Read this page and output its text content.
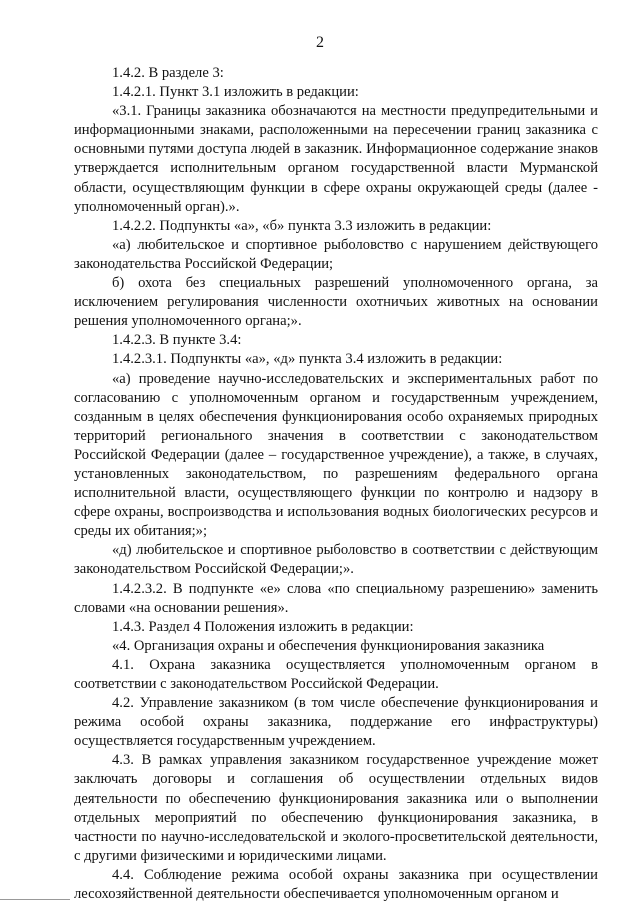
2

1.4.2. В разделе 3:

1.4.2.1. Пункт 3.1 изложить в редакции:

«3.1. Границы заказника обозначаются на местности предупредительными и информационными знаками, расположенными на пересечении границ заказника с основными путями доступа людей в заказник. Информационное содержание знаков утверждается исполнительным органом государственной власти Мурманской области, осуществляющим функции в сфере охраны окружающей среды (далее - уполномоченный орган).».

1.4.2.2. Подпункты «а», «б» пункта 3.3 изложить в редакции:

«а) любительское и спортивное рыболовство с нарушением действующего законодательства Российской Федерации;

б) охота без специальных разрешений уполномоченного органа, за исключением регулирования численности охотничьих животных на основании решения уполномоченного органа;».

1.4.2.3. В пункте 3.4:

1.4.2.3.1. Подпункты «а», «д» пункта 3.4 изложить в редакции:

«а) проведение научно-исследовательских и экспериментальных работ по согласованию с уполномоченным органом и государственным учреждением, созданным в целях обеспечения функционирования особо охраняемых природных территорий регионального значения в соответствии с законодательством Российской Федерации (далее – государственное учреждение), а также, в случаях, установленных законодательством, по разрешениям федерального органа исполнительной власти, осуществляющего функции по контролю и надзору в сфере охраны, воспроизводства и использования водных биологических ресурсов и среды их обитания;»;

«д) любительское и спортивное рыболовство в соответствии с действующим законодательством Российской Федерации;».

1.4.2.3.2. В подпункте «е» слова «по специальному разрешению» заменить словами «на основании решения».

1.4.3. Раздел 4 Положения изложить в редакции:

«4. Организация охраны и обеспечения функционирования заказника

4.1. Охрана заказника осуществляется уполномоченным органом в соответствии с законодательством Российской Федерации.

4.2. Управление заказником (в том числе обеспечение функционирования и режима особой охраны заказника, поддержание его инфраструктуры) осуществляется государственным учреждением.

4.3. В рамках управления заказником государственное учреждение может заключать договоры и соглашения об осуществлении отдельных видов деятельности по обеспечению функционирования заказника или о выполнении отдельных мероприятий по обеспечению функционирования заказника, в частности по научно-исследовательской и эколого-просветительской деятельности, с другими физическими и юридическими лицами.

4.4. Соблюдение режима особой охраны заказника при осуществлении лесохозяйственной деятельности обеспечивается уполномоченным органом и
